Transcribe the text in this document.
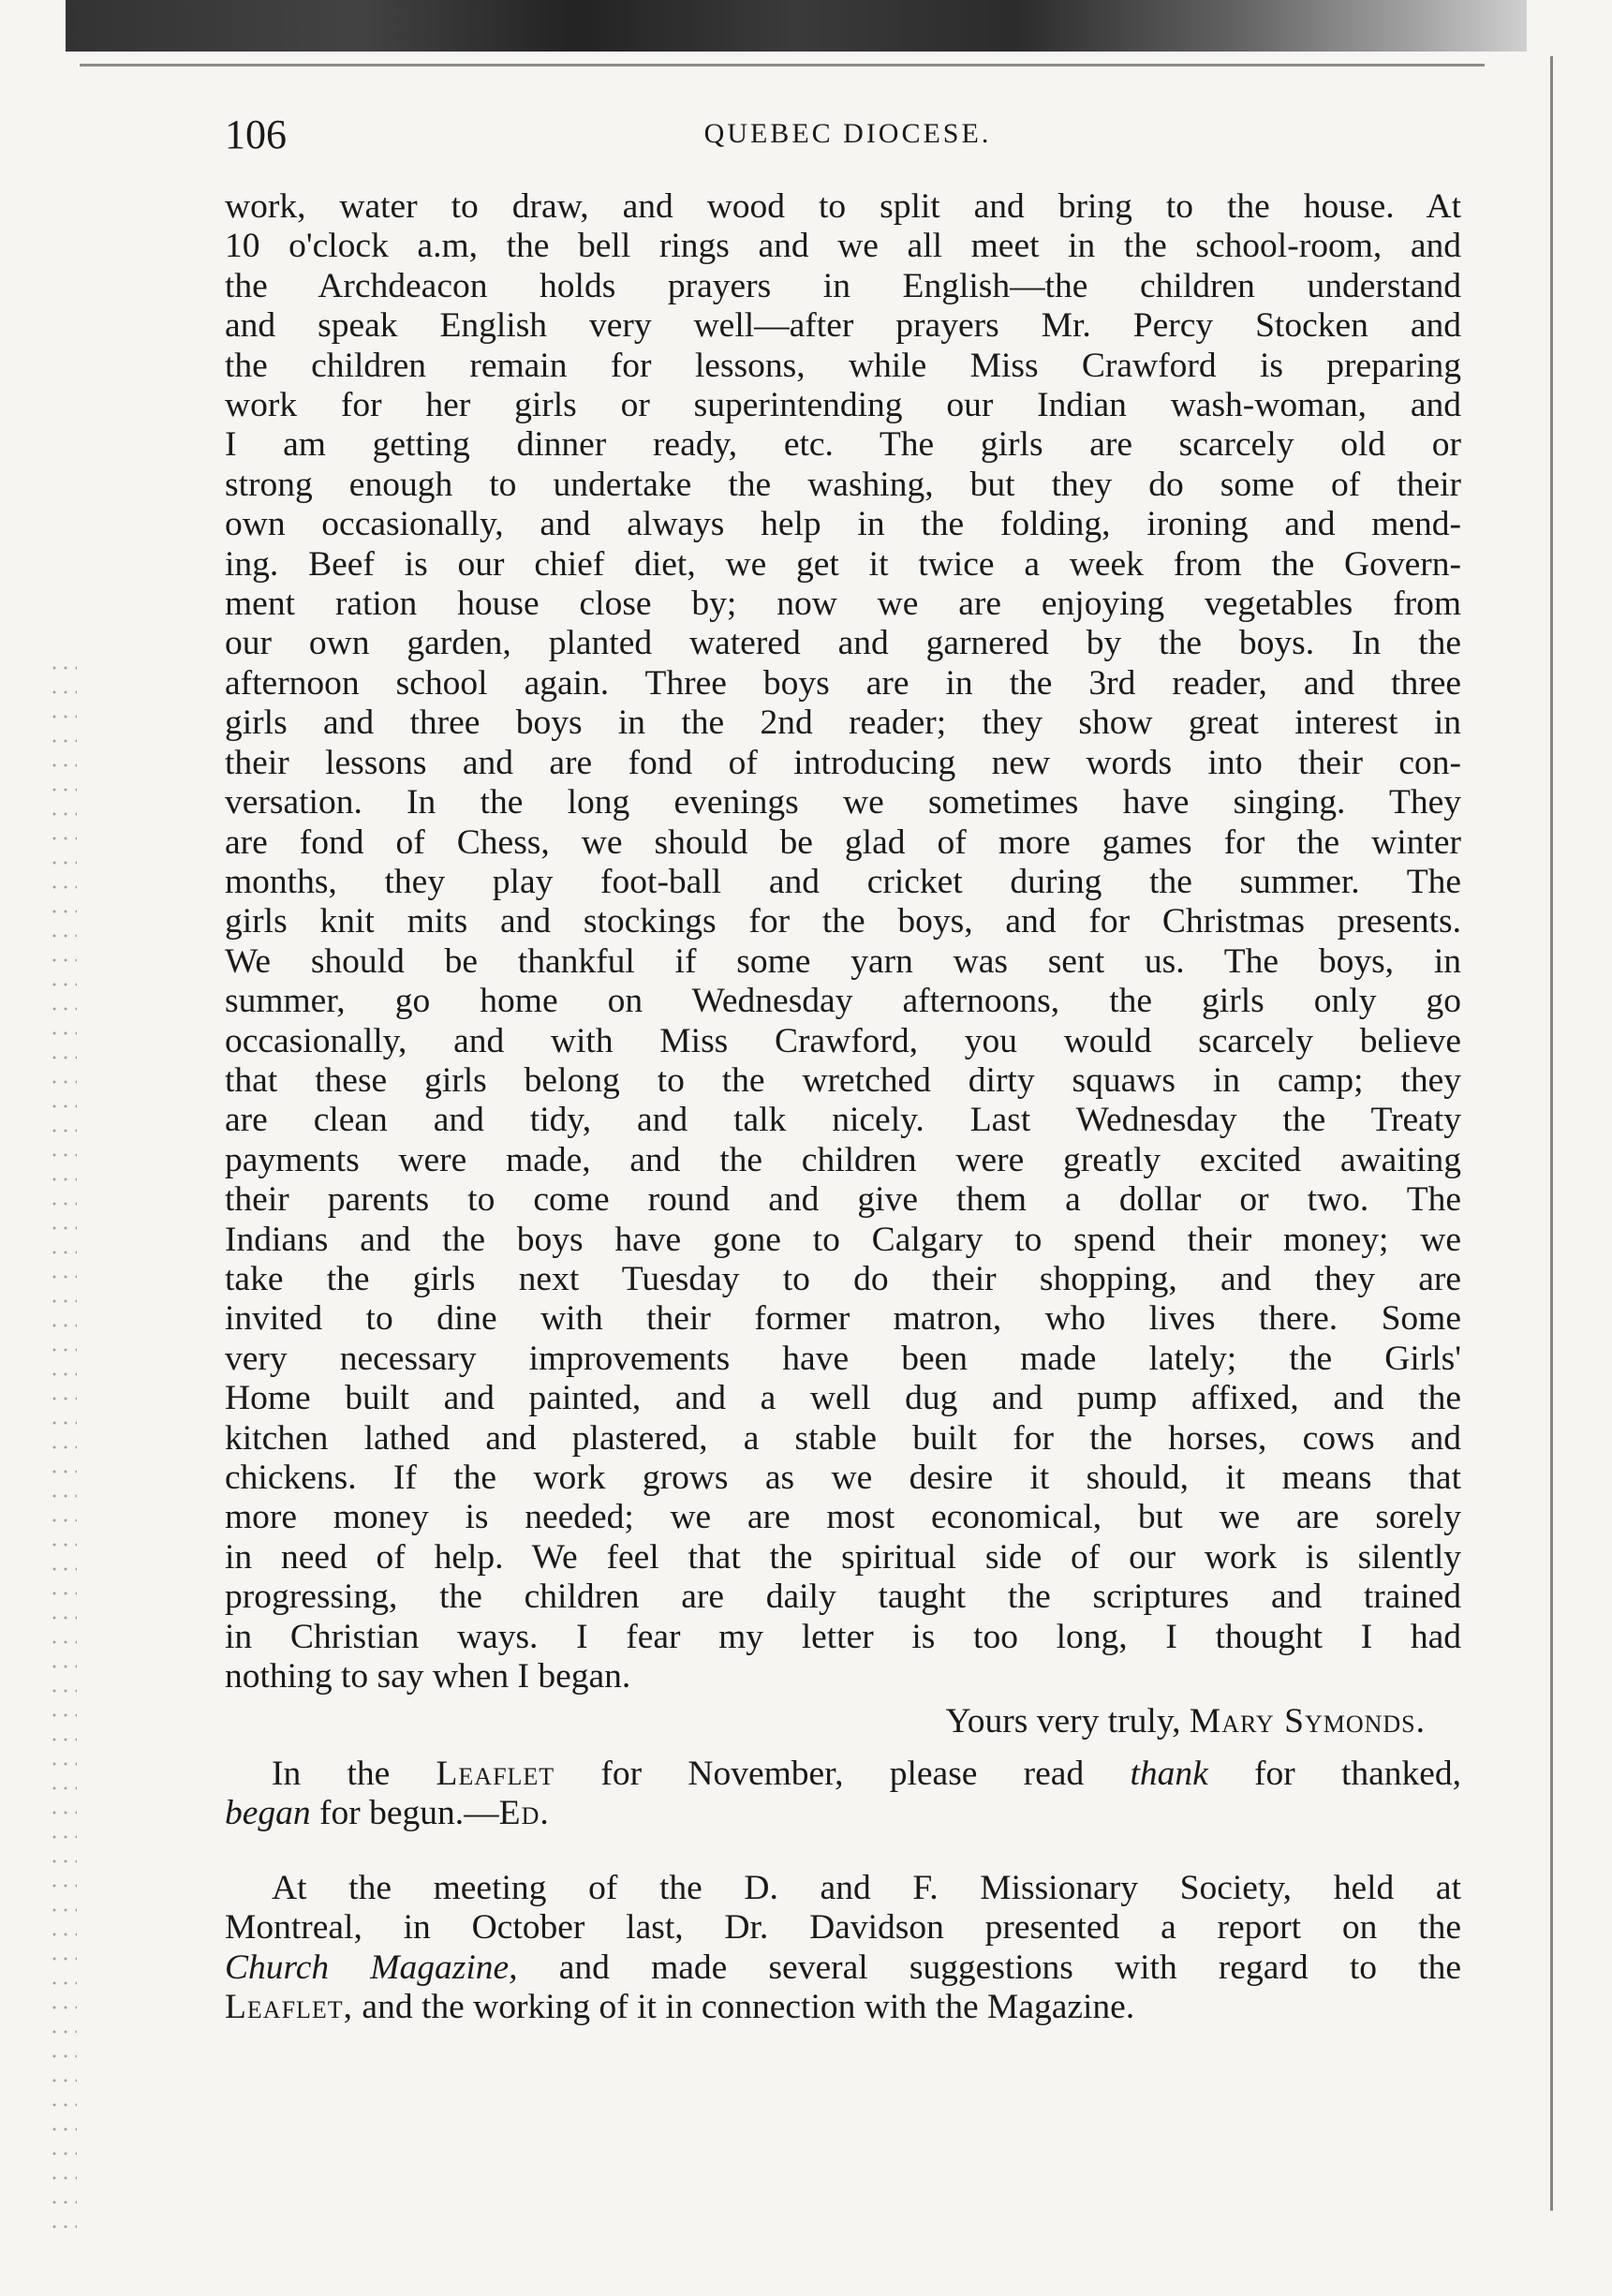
106	QUEBEC DIOCESE.

work, water to draw, and wood to split and bring to the house. At

10 o'clock a.m, the bell rings and we all meet in the school-room, and

the Archdeacon holds prayers in English—the children understand

and speak English very well—after prayers Mr. Percy Stocken and

the children remain for lessons, while Miss Crawford is preparing

work for her girls or superintending our Indian wash-woman, and

I am getting dinner ready, etc. The girls are scarcely old or

strong enough to undertake the washing, but they do some of their

own occasionally, and always help in the folding, ironing and mend-

ing. Beef is our chief diet, we get it twice a week from the Govern-

ment ration house close by; now we are enjoying vegetables from

our own garden, planted watered and garnered by the boys. In the

afternoon school again. Three boys are in the 3rd reader, and three

girls and three boys in the 2nd reader; they show great interest in

their lessons and are fond of introducing new words into their con-

versation. In the long evenings we sometimes have singing. They

are fond of Chess, we should be glad of more games for the winter

months, they play foot-ball and cricket during the summer. The

girls knit mits and stockings for the boys, and for Christmas presents.

We should be thankful if some yarn was sent us. The boys, in

summer, go home on Wednesday afternoons, the girls only go

occasionally, and with Miss Crawford, you would scarcely believe

that these girls belong to the wretched dirty squaws in camp; they

are clean and tidy, and talk nicely. Last Wednesday the Treaty

payments were made, and the children were greatly excited awaiting

their parents to come round and give them a dollar or two. The

Indians and the boys have gone to Calgary to spend their money; we

take the girls next Tuesday to do their shopping, and they are

invited to dine with their former matron, who lives there. Some

very necessary improvements have been made lately; the Girls'

Home built and painted, and a well dug and pump affixed, and the

kitchen lathed and plastered, a stable built for the horses, cows and

chickens. If the work grows as we desire it should, it means that

more money is needed; we are most economical, but we are sorely

in need of help. We feel that the spiritual side of our work is silently

progressing, the children are daily taught the scriptures and trained

in Christian ways. I fear my letter is too long, I thought I had

nothing to say when I began.

Yours very truly, Mary Symonds.

In the Leaflet for November, please read thank for thanked,

began for begun.—Ed.

At the meeting of the D. and F. Missionary Society, held at

Montreal, in October last, Dr. Davidson presented a report on the

Church Magazine, and made several suggestions with regard to the

Leaflet, and the working of it in connection with the Magazine.
